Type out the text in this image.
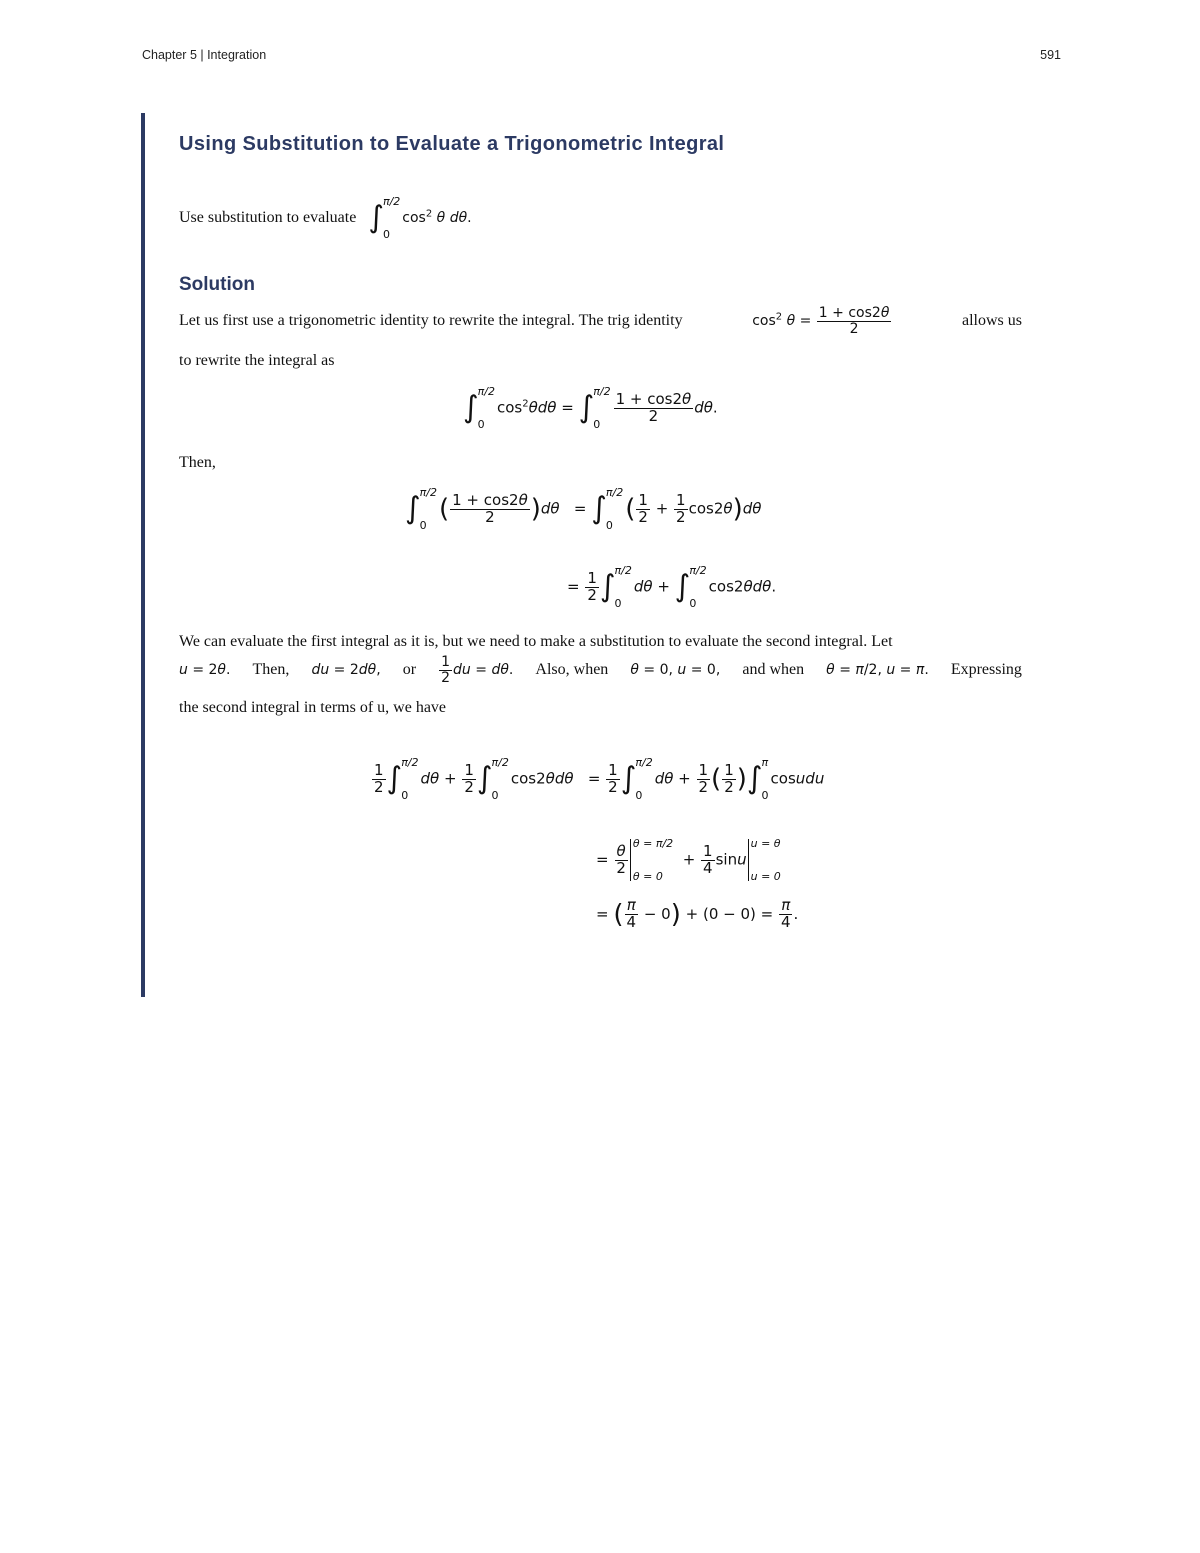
Chapter 5 | Integration	591
Using Substitution to Evaluate a Trigonometric Integral
Use substitution to evaluate ∫ π/2
0
$\cos^2 \theta$ dθ.
Solution
Let us first use a trigonometric identity to rewrite the integral. The trig identity	$\cos^2 \theta = \frac{1 + \cos 2\theta}{2}$	allows us
to rewrite the integral as
∫ π/2
0
$\cos^2\theta d\theta$ = ∫ π/2
0
$\frac{1 + \cos 2\theta}{2} d\theta$.
Then,
∫ π/2
0
( $\frac{1 + \cos 2\theta}{2} )d\theta$   = ∫ π/2
0
( $\frac{1}{2} + \frac{1}{2} \cos 2\theta)d\theta$
= $\frac{1}{2}$ ∫ π/2
0
dθ + ∫ π/2
0
cos2θdθ.
We can evaluate the first integral as it is, but we need to make a substitution to evaluate the second integral. Let
u = 2θ. Then, du = 2dθ, or $\frac{1}{2}$ du = dθ. Also, when θ = 0, u = 0, and when θ = π/2, u = π. Expressing
the second integral in terms of u, we have
$\frac{1}{2}$ ∫ π/2
0
$d\theta + \frac{1}{2}$ ∫ π/2
0
$\cos 2\theta d\theta = \frac{1}{2}$ ∫ π/2
0
$d\theta + \frac{1}{2}$ ( $\frac{1}{2}$ ) ∫ π
0
cosudu
= $\frac{\theta}{2}$
θ = π/2
θ = 0
+ $\frac{1}{4}$ sinu
u = θ
u = 0
= ( $\frac{\pi}{4} - 0) + (0 - 0) = \frac{\pi}{4}$ .
